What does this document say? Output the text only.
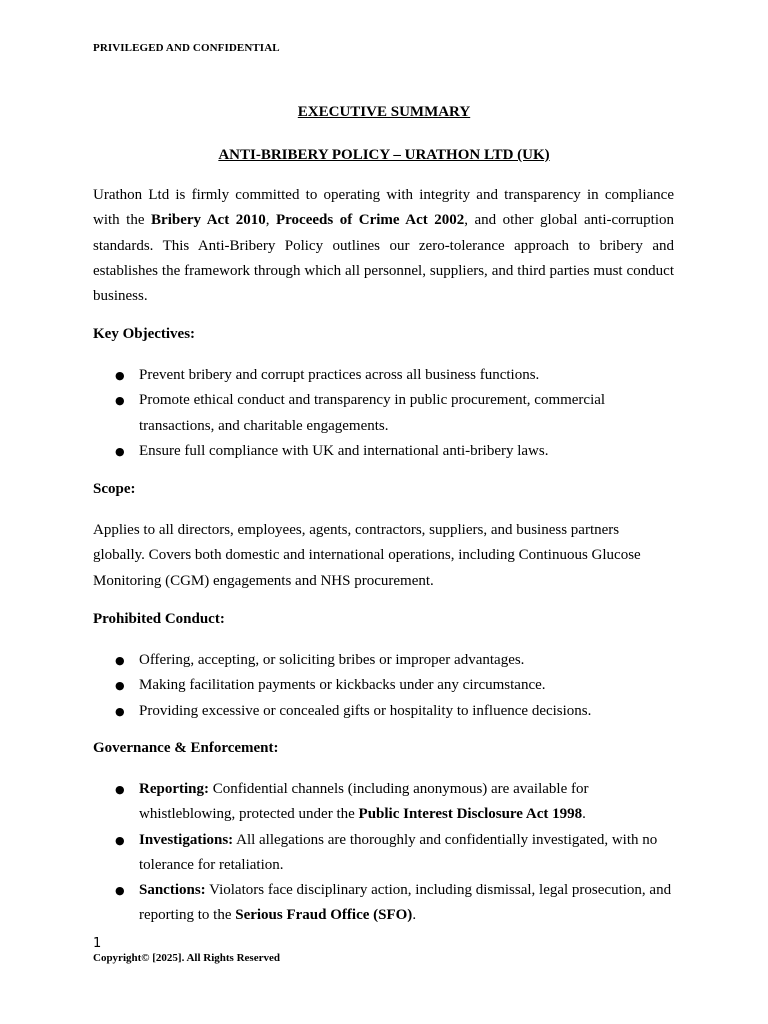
PRIVILEGED AND CONFIDENTIAL
EXECUTIVE SUMMARY
ANTI-BRIBERY POLICY – URATHON LTD (UK)
Urathon Ltd is firmly committed to operating with integrity and transparency in compliance with the Bribery Act 2010, Proceeds of Crime Act 2002, and other global anti-corruption standards. This Anti-Bribery Policy outlines our zero-tolerance approach to bribery and establishes the framework through which all personnel, suppliers, and third parties must conduct business.
Key Objectives:
● Prevent bribery and corrupt practices across all business functions.
● Promote ethical conduct and transparency in public procurement, commercial transactions, and charitable engagements.
● Ensure full compliance with UK and international anti-bribery laws.
Scope:
Applies to all directors, employees, agents, contractors, suppliers, and business partners globally. Covers both domestic and international operations, including Continuous Glucose Monitoring (CGM) engagements and NHS procurement.
Prohibited Conduct:
● Offering, accepting, or soliciting bribes or improper advantages.
● Making facilitation payments or kickbacks under any circumstance.
● Providing excessive or concealed gifts or hospitality to influence decisions.
Governance & Enforcement:
● Reporting: Confidential channels (including anonymous) are available for whistleblowing, protected under the Public Interest Disclosure Act 1998.
● Investigations: All allegations are thoroughly and confidentially investigated, with no tolerance for retaliation.
● Sanctions: Violators face disciplinary action, including dismissal, legal prosecution, and reporting to the Serious Fraud Office (SFO).
1
Copyright© [2025]. All Rights Reserved
